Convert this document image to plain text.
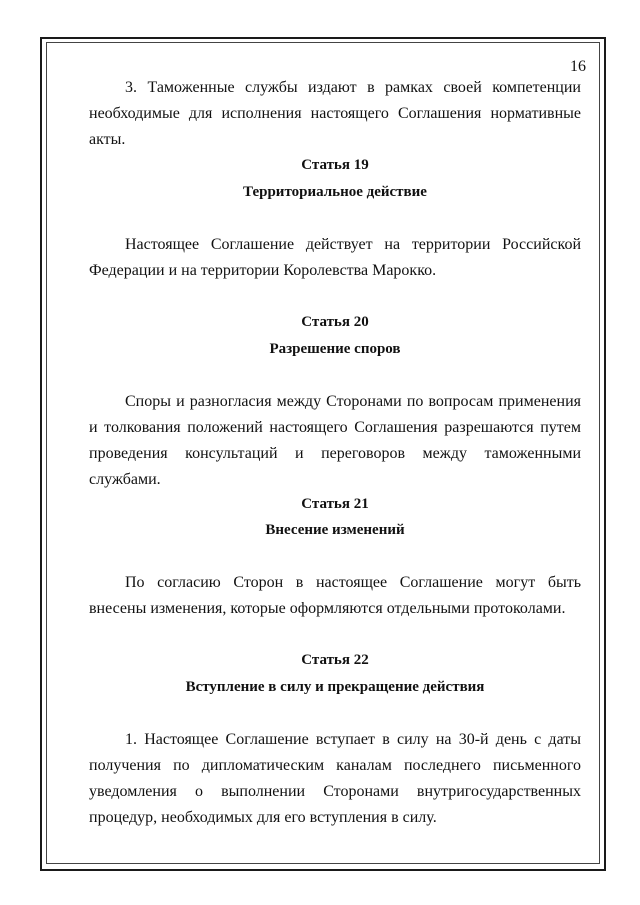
16

3. Таможенные службы издают в рамках своей компетенции необходимые для исполнения настоящего Соглашения нормативные акты.

Статья 19
Территориальное действие

Настоящее Соглашение действует на территории Российской Федерации и на территории Королевства Марокко.

Статья 20
Разрешение споров

Споры и разногласия между Сторонами по вопросам применения и толкования положений настоящего Соглашения разрешаются путем проведения консультаций и переговоров между таможенными службами.

Статья 21
Внесение изменений

По согласию Сторон в настоящее Соглашение могут быть внесены изменения, которые оформляются отдельными протоколами.

Статья 22
Вступление в силу и прекращение действия

1. Настоящее Соглашение вступает в силу на 30-й день с даты получения по дипломатическим каналам последнего письменного уведомления о выполнении Сторонами внутригосударственных процедур, необходимых для его вступления в силу.
